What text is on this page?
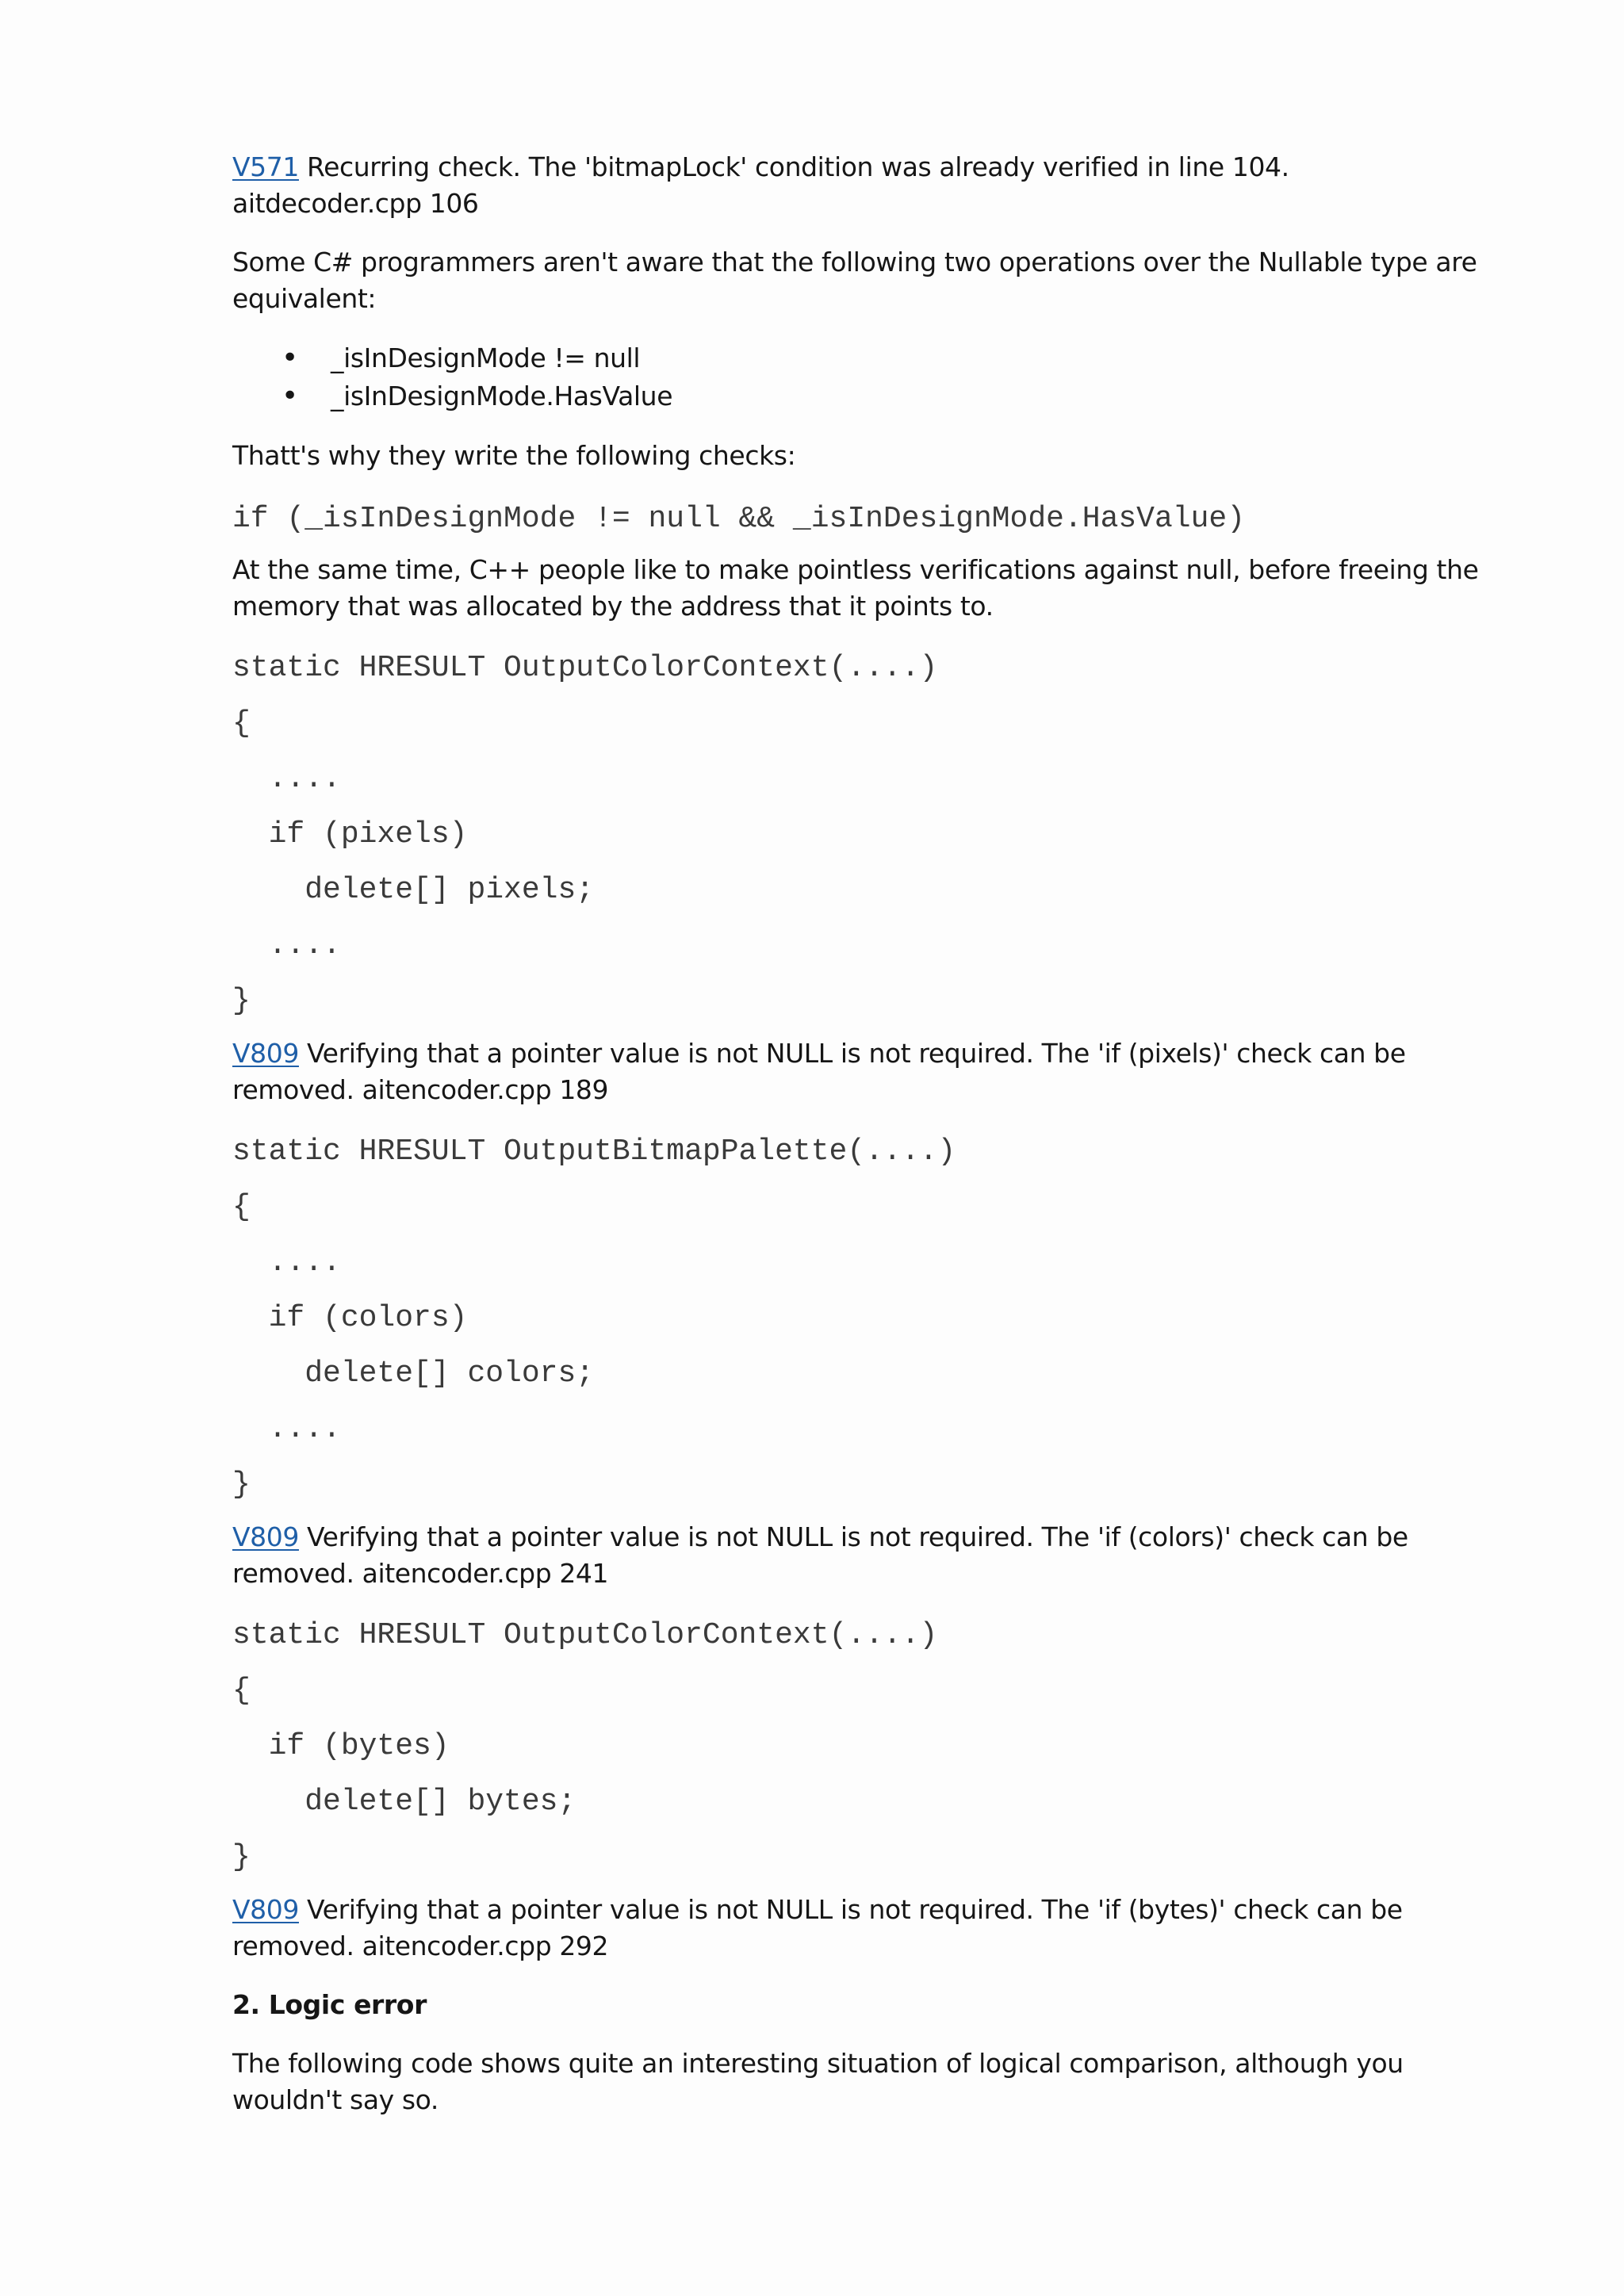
V571 Recurring check. The 'bitmapLock' condition was already verified in line 104. aitdecoder.cpp 106

Some C# programmers aren't aware that the following two operations over the Nullable type are equivalent:

• _isInDesignMode != null
• _isInDesignMode.HasValue

Thatt's why they write the following checks:

if (_isInDesignMode != null && _isInDesignMode.HasValue)

At the same time, C++ people like to make pointless verifications against null, before freeing the memory that was allocated by the address that it points to.

static HRESULT OutputColorContext(....)
{
....
if (pixels)
delete[] pixels;
....
}

V809 Verifying that a pointer value is not NULL is not required. The 'if (pixels)' check can be removed. aitencoder.cpp 189

static HRESULT OutputBitmapPalette(....)
{
....
if (colors)
delete[] colors;
....
}

V809 Verifying that a pointer value is not NULL is not required. The 'if (colors)' check can be removed. aitencoder.cpp 241

static HRESULT OutputColorContext(....)
{
if (bytes)
delete[] bytes;
}

V809 Verifying that a pointer value is not NULL is not required. The 'if (bytes)' check can be removed. aitencoder.cpp 292

2. Logic error

The following code shows quite an interesting situation of logical comparison, although you wouldn't say so.
